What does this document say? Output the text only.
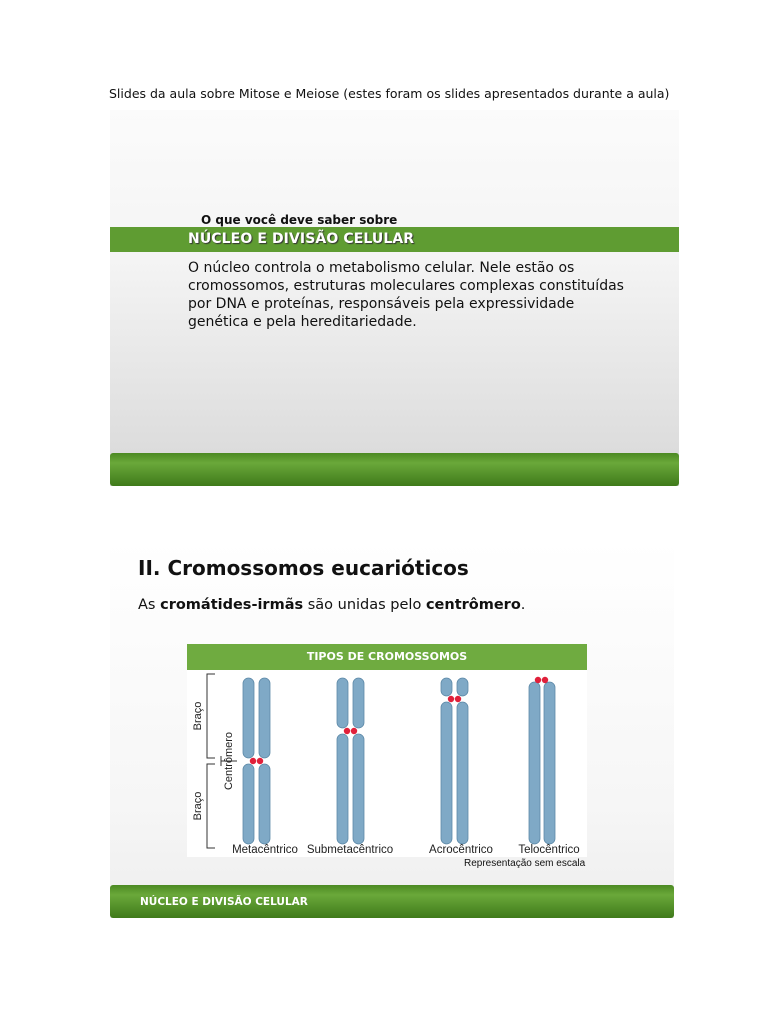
Slides da aula sobre Mitose e Meiose (estes foram os slides apresentados durante a aula)
O que você deve saber sobre
NÚCLEO E DIVISÃO CELULAR
O núcleo controla o metabolismo celular. Nele estão os cromossomos, estruturas moleculares complexas constituídas por DNA e proteínas, responsáveis pela expressividade genética e pela hereditariedade.
II. Cromossomos eucarióticos
As cromátides-irmãs são unidas pelo centrômero.
TIPOS DE CROMOSSOMOS
Braço
Braço
Centrômero
Metacêntrico Submetacêntrico	Acrocêntrico Telocêntrico
Representação sem escala
NÚCLEO E DIVISÃO CELULAR
